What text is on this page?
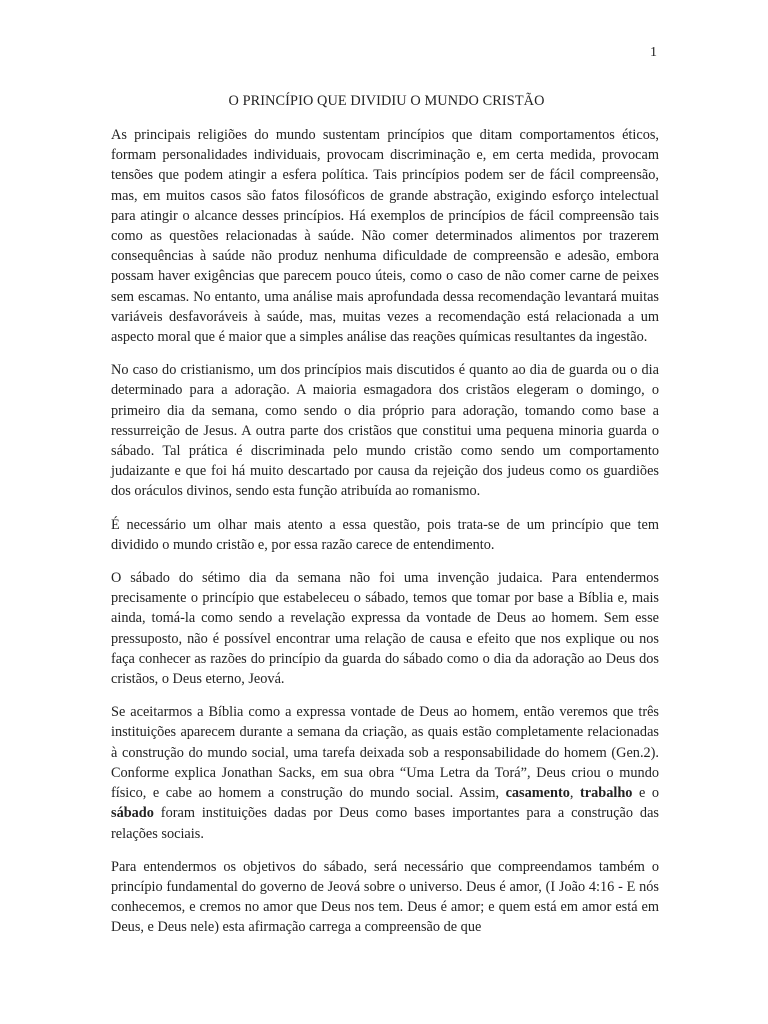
1
O PRINCÍPIO QUE DIVIDIU O MUNDO CRISTÃO

As principais religiões do mundo sustentam princípios que ditam comportamentos éticos, formam personalidades individuais, provocam discriminação e, em certa medida, provocam tensões que podem atingir a esfera política. Tais princípios podem ser de fácil compreensão, mas, em muitos casos são fatos filosóficos de grande abstração, exigindo esforço intelectual para atingir o alcance desses princípios. Há exemplos de princípios de fácil compreensão tais como as questões relacionadas à saúde. Não comer determinados alimentos por trazerem consequências à saúde não produz nenhuma dificuldade de compreensão e adesão, embora possam haver exigências que parecem pouco úteis, como o caso de não comer carne de peixes sem escamas. No entanto, uma análise mais aprofundada dessa recomendação levantará muitas variáveis desfavoráveis à saúde, mas, muitas vezes a recomendação está relacionada a um aspecto moral que é maior que a simples análise das reações químicas resultantes da ingestão.

No caso do cristianismo, um dos princípios mais discutidos é quanto ao dia de guarda ou o dia determinado para a adoração. A maioria esmagadora dos cristãos elegeram o domingo, o primeiro dia da semana, como sendo o dia próprio para adoração, tomando como base a ressurreição de Jesus. A outra parte dos cristãos que constitui uma pequena minoria guarda o sábado. Tal prática é discriminada pelo mundo cristão como sendo um comportamento judaizante e que foi há muito descartado por causa da rejeição dos judeus como os guardiões dos oráculos divinos, sendo esta função atribuída ao romanismo.

É necessário um olhar mais atento a essa questão, pois trata-se de um princípio que tem dividido o mundo cristão e, por essa razão carece de entendimento.

O sábado do sétimo dia da semana não foi uma invenção judaica. Para entendermos precisamente o princípio que estabeleceu o sábado, temos que tomar por base a Bíblia e, mais ainda, tomá-la como sendo a revelação expressa da vontade de Deus ao homem. Sem esse pressuposto, não é possível encontrar uma relação de causa e efeito que nos explique ou nos faça conhecer as razões do princípio da guarda do sábado como o dia da adoração ao Deus dos cristãos, o Deus eterno, Jeová.

Se aceitarmos a Bíblia como a expressa vontade de Deus ao homem, então veremos que três instituições aparecem durante a semana da criação, as quais estão completamente relacionadas à construção do mundo social, uma tarefa deixada sob a responsabilidade do homem (Gen.2). Conforme explica Jonathan Sacks, em sua obra “Uma Letra da Torá”, Deus criou o mundo físico, e cabe ao homem a construção do mundo social. Assim, casamento, trabalho e o sábado foram instituições dadas por Deus como bases importantes para a construção das relações sociais.

Para entendermos os objetivos do sábado, será necessário que compreendamos também o princípio fundamental do governo de Jeová sobre o universo. Deus é amor, (I João 4:16 - E nós conhecemos, e cremos no amor que Deus nos tem. Deus é amor; e quem está em amor está em Deus, e Deus nele) esta afirmação carrega a compreensão de que
